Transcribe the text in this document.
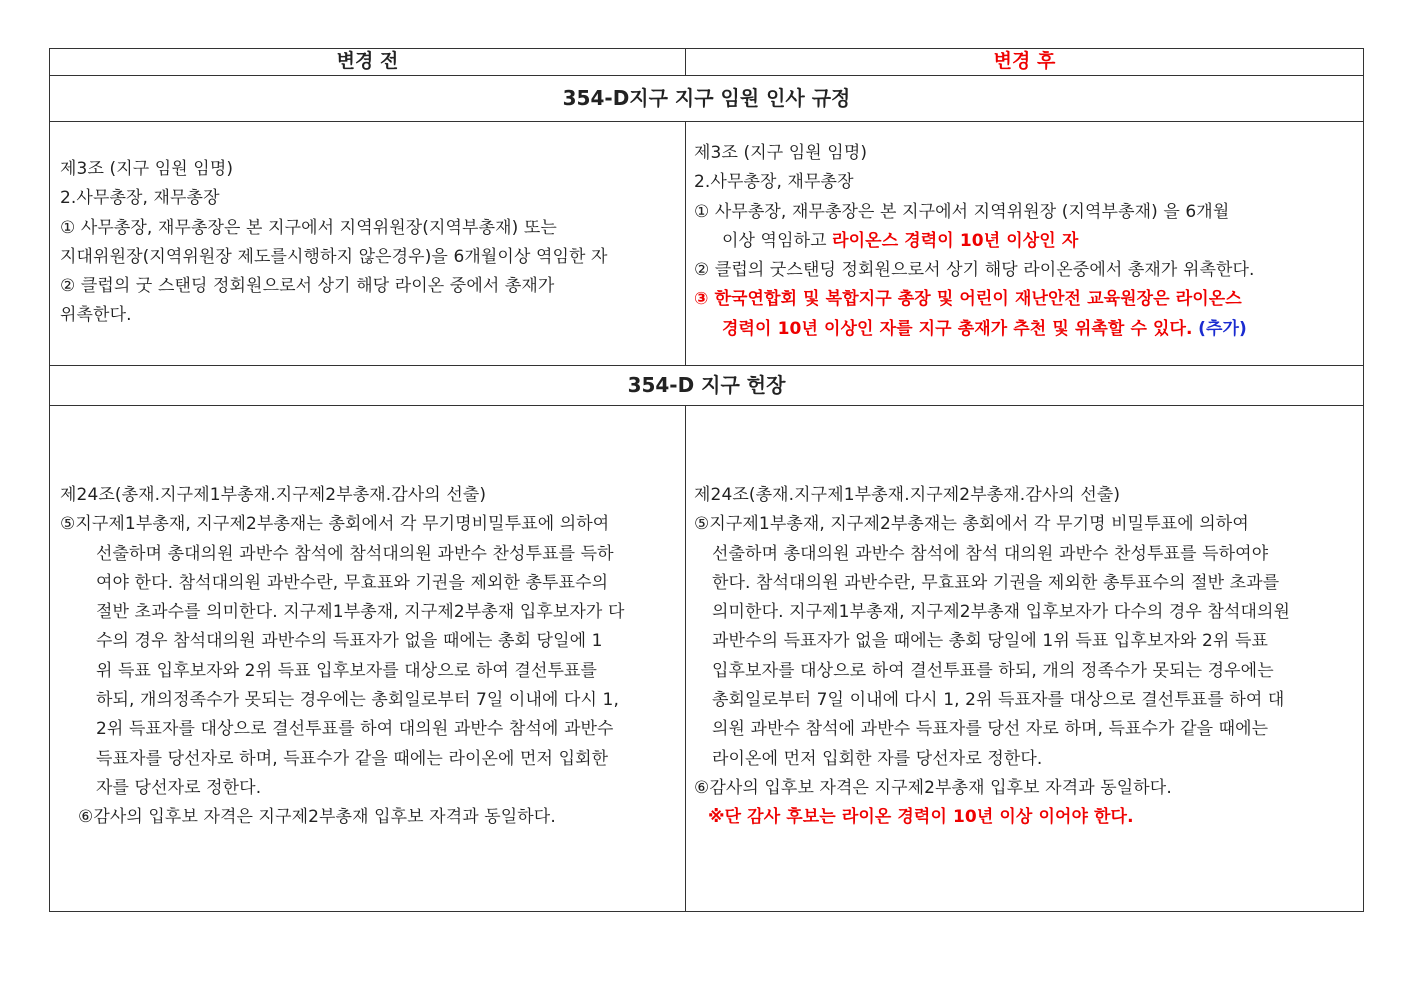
변경 전	변경 후
354-D지구 지구 임원 인사 규정

제3조 (지구 임원 임명)

2.사무총장, 재무총장

① 사무총장, 재무총장은 본 지구에서 지역위원장(지역부총재) 또는

지대위원장(지역위원장 제도를시행하지 않은경우)을 6개월이상 역임한 자

② 클럽의 굿 스탠딩 정회원으로서 상기 해당 라이온 중에서 총재가

위촉한다.

제3조 (지구 임원 임명)

2.사무총장, 재무총장

① 사무총장, 재무총장은 본 지구에서 지역위원장 (지역부총재) 을 6개월

이상 역임하고 라이온스 경력이 10년 이상인 자

② 클럽의 굿스탠딩 정회원으로서 상기 해당 라이온중에서 총재가 위촉한다.

③ 한국연합회 및 복합지구 총장 및 어린이 재난안전 교육원장은 라이온스

경력이 10년 이상인 자를 지구 총재가 추천 및 위촉할 수 있다. (추가)

354-D 지구 헌장

제24조(총재.지구제1부총재.지구제2부총재.감사의 선출)

⑤지구제1부총재, 지구제2부총재는 총회에서 각 무기명비밀투표에 의하여

선출하며 총대의원 과반수 참석에 참석대의원 과반수 찬성투표를 득하

여야 한다. 참석대의원 과반수란, 무효표와 기권을 제외한 총투표수의

절반 초과수를 의미한다. 지구제1부총재, 지구제2부총재 입후보자가 다

수의 경우 참석대의원 과반수의 득표자가 없을 때에는 총회 당일에 1

위 득표 입후보자와 2위 득표 입후보자를 대상으로 하여 결선투표를

하되, 개의정족수가 못되는 경우에는 총회일로부터 7일 이내에 다시 1,

2위 득표자를 대상으로 결선투표를 하여 대의원 과반수 참석에 과반수

득표자를 당선자로 하며, 득표수가 같을 때에는 라이온에 먼저 입회한

자를 당선자로 정한다.

⑥감사의 입후보 자격은 지구제2부총재 입후보 자격과 동일하다.

제24조(총재.지구제1부총재.지구제2부총재.감사의 선출)

⑤지구제1부총재, 지구제2부총재는 총회에서 각 무기명 비밀투표에 의하여

선출하며 총대의원 과반수 참석에 참석 대의원 과반수 찬성투표를 득하여야

한다. 참석대의원 과반수란, 무효표와 기권을 제외한 총투표수의 절반 초과를

의미한다. 지구제1부총재, 지구제2부총재 입후보자가 다수의 경우 참석대의원

과반수의 득표자가 없을 때에는 총회 당일에 1위 득표 입후보자와 2위 득표

입후보자를 대상으로 하여 결선투표를 하되, 개의 정족수가 못되는 경우에는

총회일로부터 7일 이내에 다시 1, 2위 득표자를 대상으로 결선투표를 하여 대

의원 과반수 참석에 과반수 득표자를 당선 자로 하며, 득표수가 같을 때에는

라이온에 먼저 입회한 자를 당선자로 정한다.

⑥감사의 입후보 자격은 지구제2부총재 입후보 자격과 동일하다.

※단 감사 후보는 라이온 경력이 10년 이상 이어야 한다.
